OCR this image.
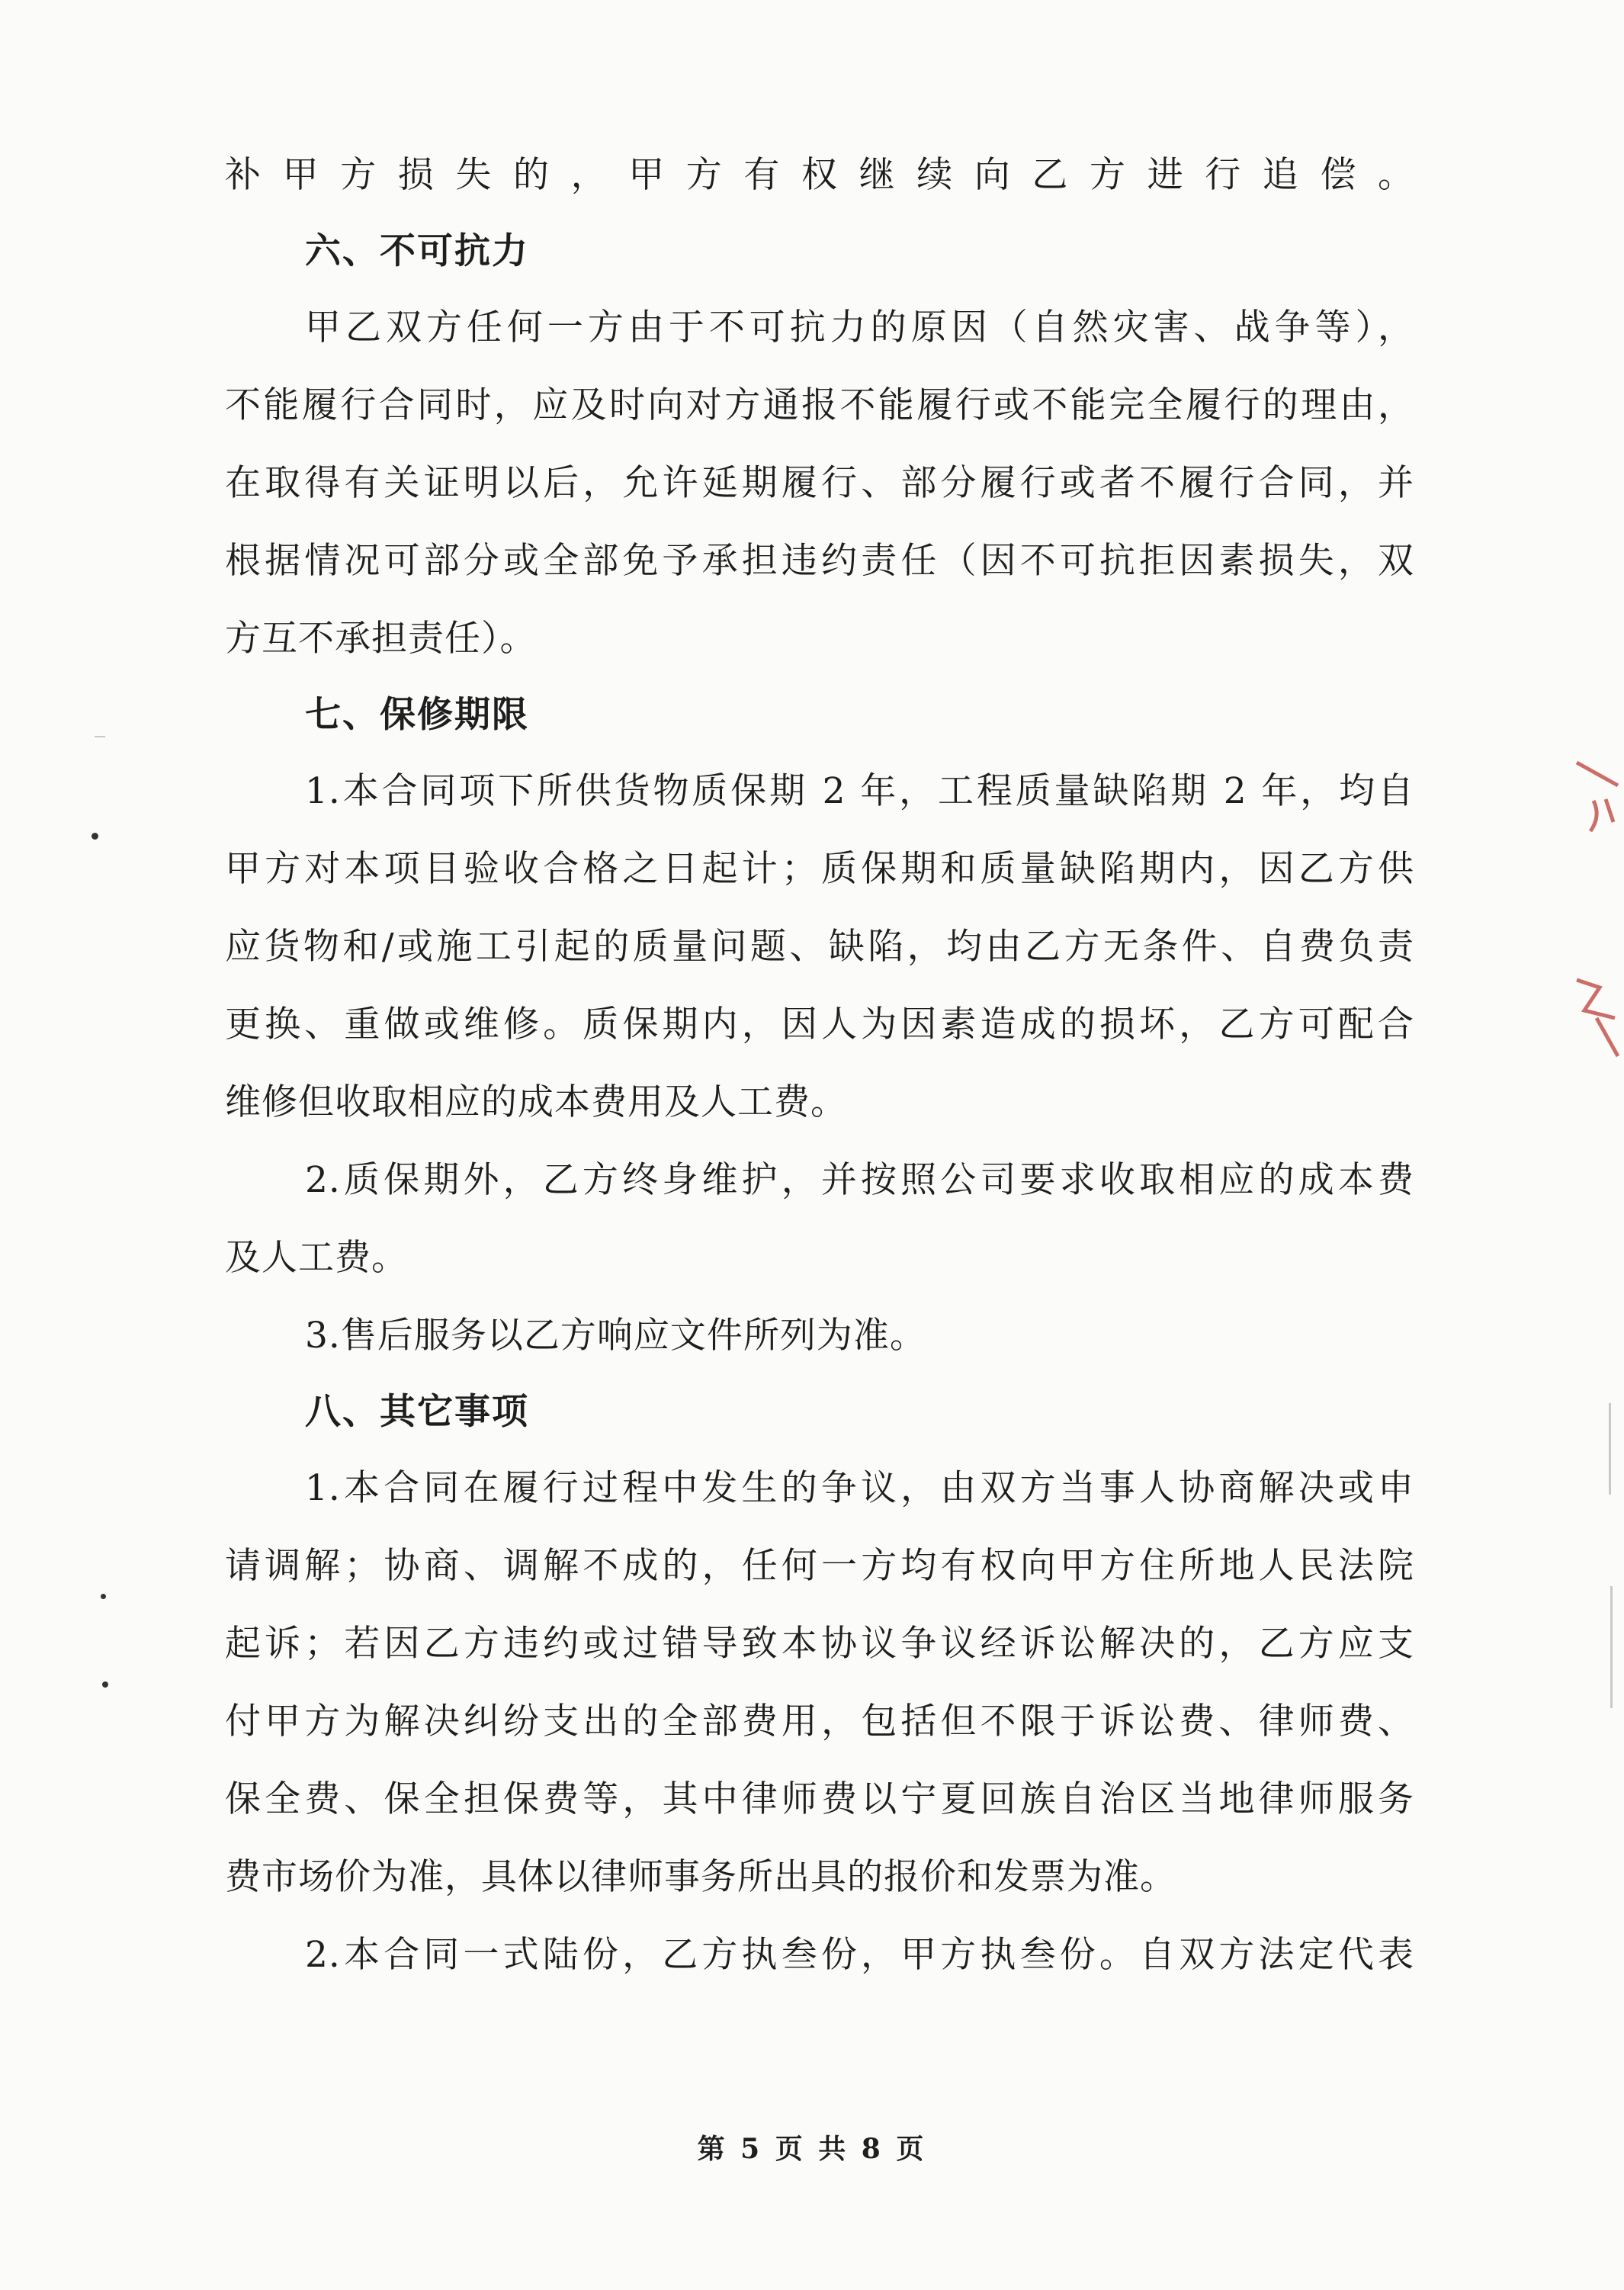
补甲方损失的，甲方有权继续向乙方进行追偿。
六、不可抗力
甲乙双方任何一方由于不可抗力的原因（自然灾害、战争等），
不能履行合同时，应及时向对方通报不能履行或不能完全履行的理由，
在取得有关证明以后，允许延期履行、部分履行或者不履行合同，并
根据情况可部分或全部免予承担违约责任（因不可抗拒因素损失，双
方互不承担责任）。
七、保修期限
1.本合同项下所供货物质保期 2 年，工程质量缺陷期 2 年，均自
甲方对本项目验收合格之日起计；质保期和质量缺陷期内，因乙方供
应货物和/或施工引起的质量问题、缺陷，均由乙方无条件、自费负责
更换、重做或维修。质保期内，因人为因素造成的损坏，乙方可配合
维修但收取相应的成本费用及人工费。
2.质保期外，乙方终身维护，并按照公司要求收取相应的成本费
及人工费。
3.售后服务以乙方响应文件所列为准。
八、其它事项
1.本合同在履行过程中发生的争议，由双方当事人协商解决或申
请调解；协商、调解不成的，任何一方均有权向甲方住所地人民法院
起诉；若因乙方违约或过错导致本协议争议经诉讼解决的，乙方应支
付甲方为解决纠纷支出的全部费用，包括但不限于诉讼费、律师费、
保全费、保全担保费等，其中律师费以宁夏回族自治区当地律师服务
费市场价为准，具体以律师事务所出具的报价和发票为准。
2.本合同一式陆份，乙方执叁份，甲方执叁份。自双方法定代表
第 5 页 共 8 页
